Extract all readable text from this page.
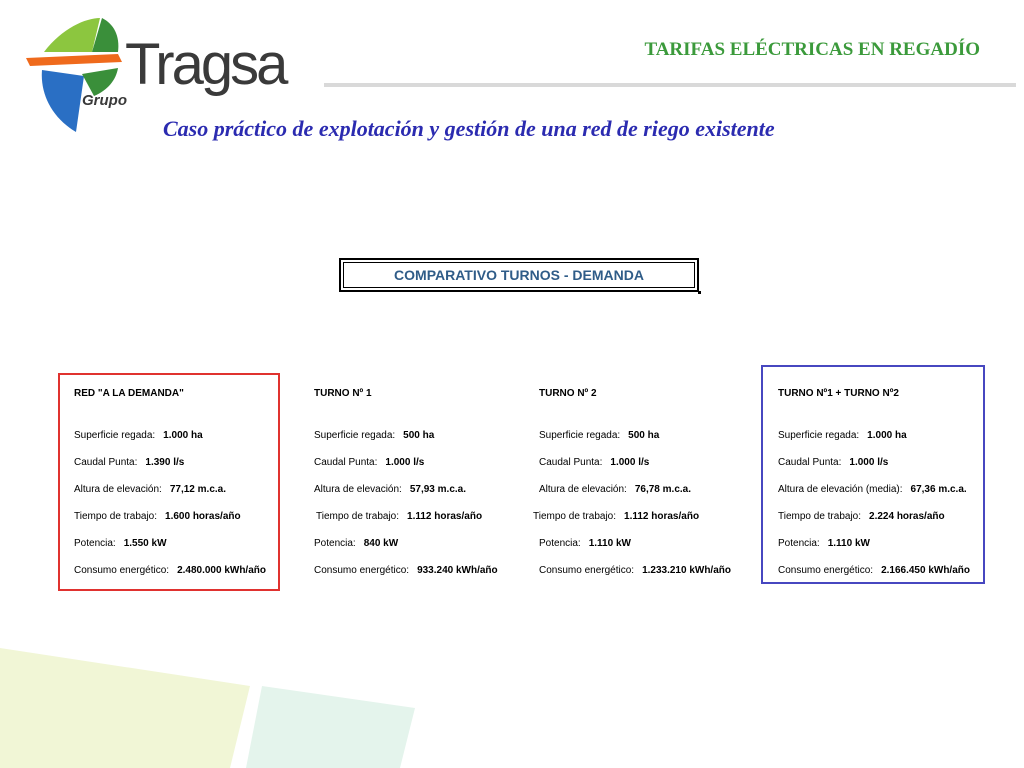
Tragsa
Grupo
TARIFAS ELÉCTRICAS EN REGADÍO
Caso práctico de explotación y gestión de una red de riego existente
COMPARATIVO TURNOS - DEMANDA
RED "A LA DEMANDA"
Superficie regada: 1.000 ha
Caudal Punta: 1.390 l/s
Altura de elevación: 77,12 m.c.a.
Tiempo de trabajo: 1.600 horas/año
Potencia: 1.550 kW
Consumo energético: 2.480.000 kWh/año
TURNO Nº 1
Superficie regada: 500 ha
Caudal Punta: 1.000 l/s
Altura de elevación: 57,93 m.c.a.
Tiempo de trabajo: 1.112 horas/año
Potencia: 840 kW
Consumo energético: 933.240 kWh/año
TURNO Nº 2
Superficie regada: 500 ha
Caudal Punta: 1.000 l/s
Altura de elevación: 76,78 m.c.a.
Tiempo de trabajo: 1.112 horas/año
Potencia: 1.110 kW
Consumo energético: 1.233.210 kWh/año
TURNO Nº1 + TURNO Nº2
Superficie regada: 1.000 ha
Caudal Punta: 1.000 l/s
Altura de elevación (media): 67,36 m.c.a.
Tiempo de trabajo: 2.224 horas/año
Potencia: 1.110 kW
Consumo energético: 2.166.450 kWh/año
